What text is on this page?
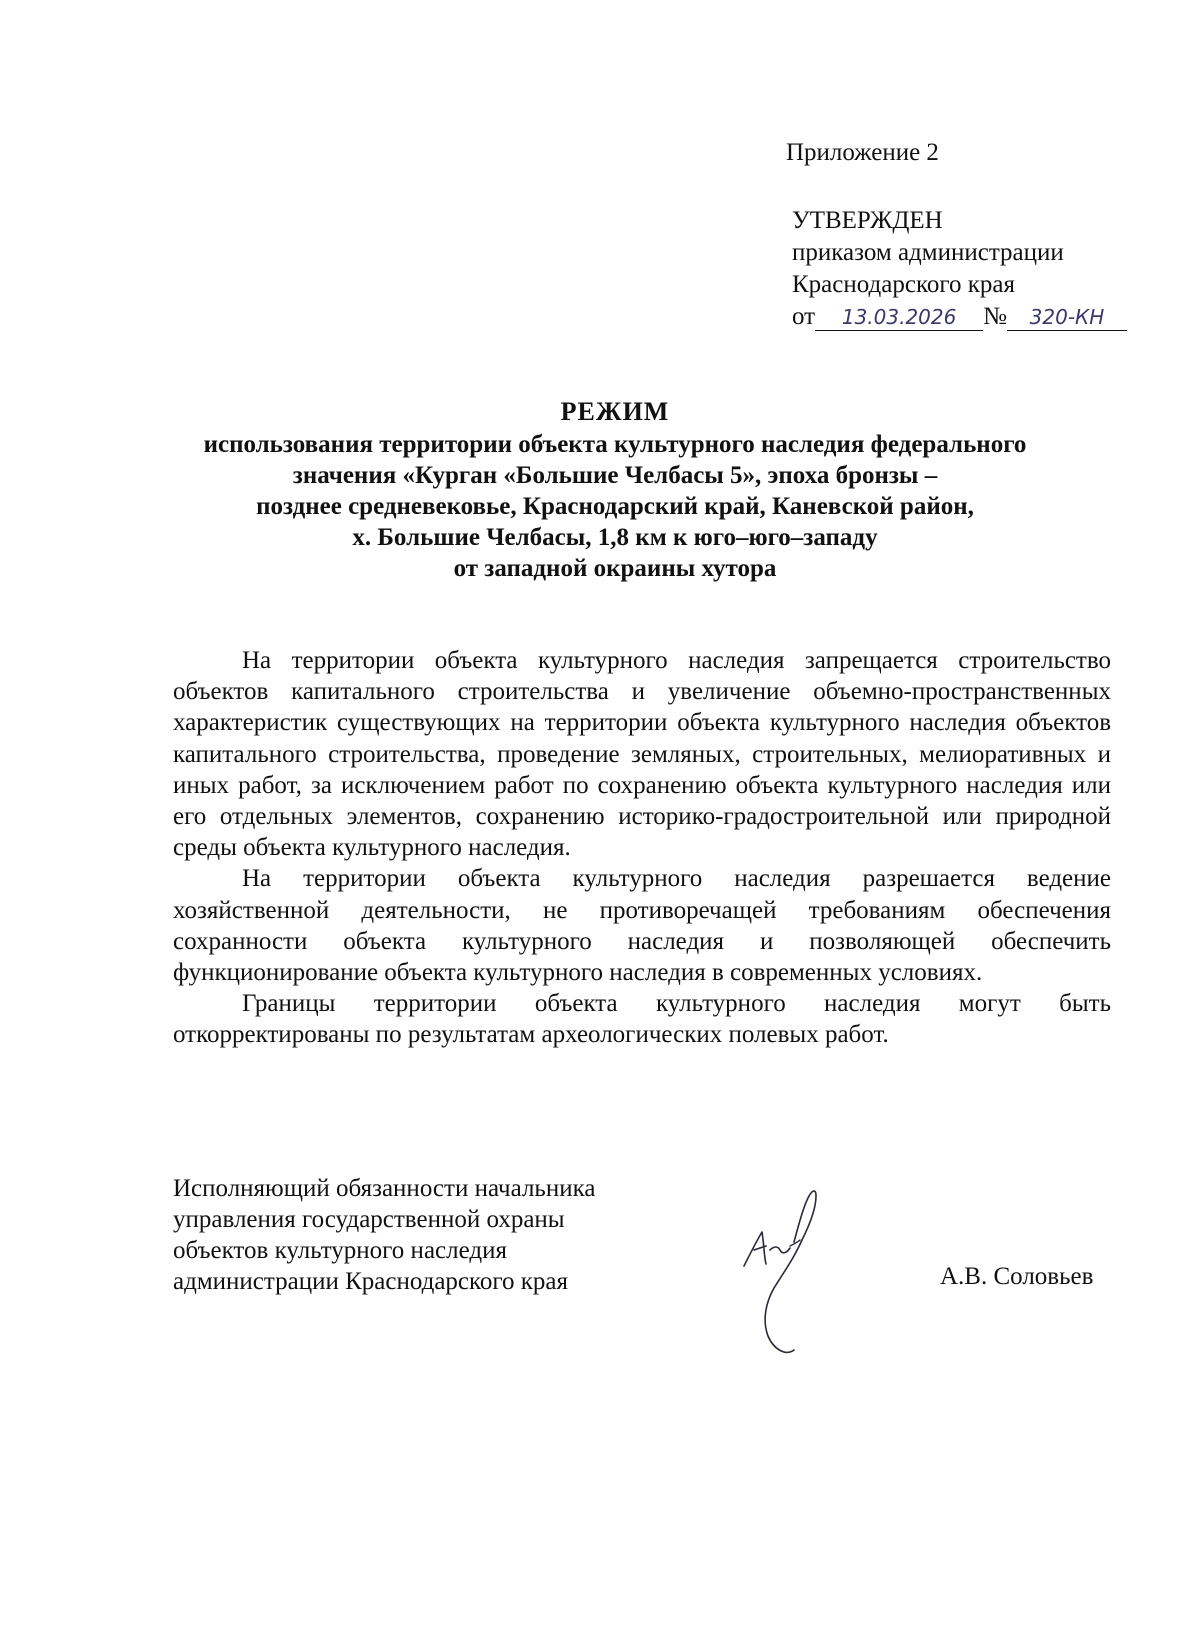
Приложение 2
УТВЕРЖДЕН
приказом администрации
Краснодарского края
от 13.03.2026 № 320-КН
РЕЖИМ
использования территории объекта культурного наследия федерального
значения «Курган «Большие Челбасы 5», эпоха бронзы –
позднее средневековье, Краснодарский край, Каневской район,
х. Большие Челбасы, 1,8 км к юго–юго–западу
от западной окраины хутора

На территории объекта культурного наследия запрещается строительство объектов капитального строительства и увеличение объемно-пространственных характеристик существующих на территории объекта культурного наследия объектов капитального строительства, проведение земляных, строительных, мелиоративных и иных работ, за исключением работ по сохранению объекта культурного наследия или его отдельных элементов, сохранению историко-градостроительной или природной среды объекта культурного наследия.

На территории объекта культурного наследия разрешается ведение хозяйственной деятельности, не противоречащей требованиям обеспечения сохранности объекта культурного наследия и позволяющей обеспечить функционирование объекта культурного наследия в современных условиях.

Границы территории объекта культурного наследия могут быть откорректированы по результатам археологических полевых работ.

Исполняющий обязанности начальника
управления государственной охраны
объектов культурного наследия
администрации Краснодарского края	А.В. Соловьев
